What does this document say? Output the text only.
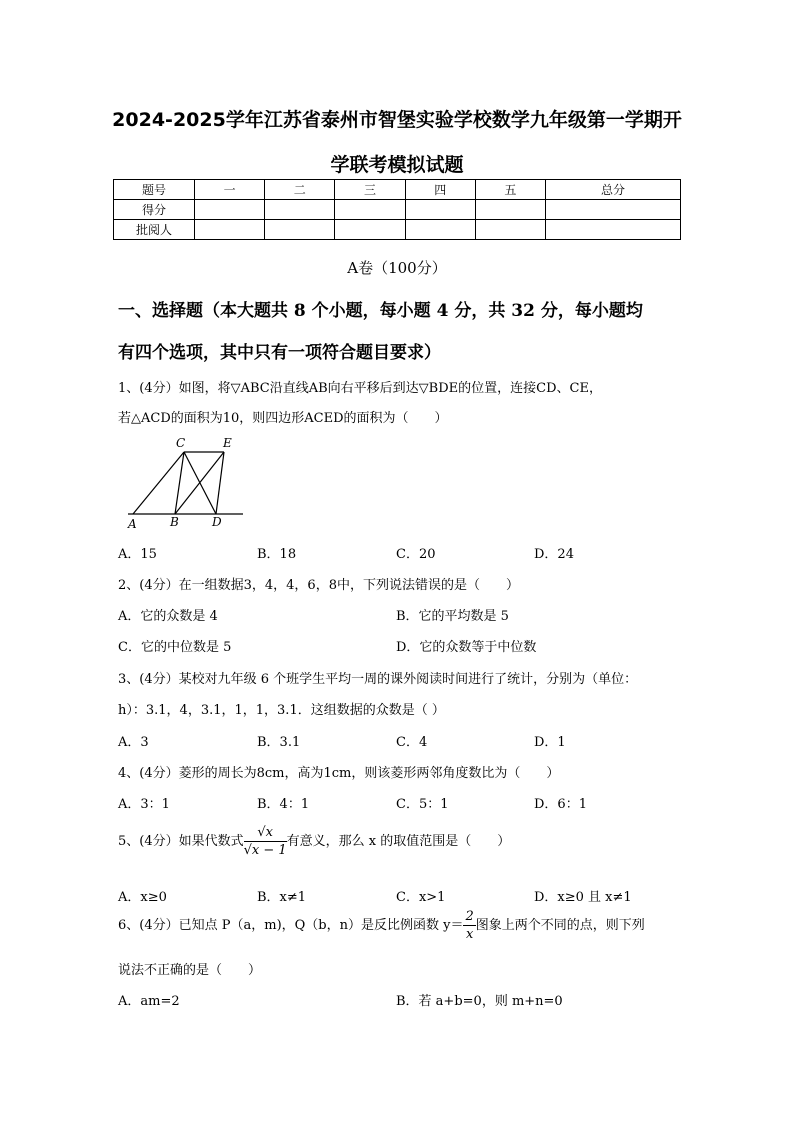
2024-2025学年江苏省泰州市智堡实验学校数学九年级第一学期开
学联考模拟试题
题号	一	二	三	四	五	总分
得分						
批阅人						
A卷（100分）
一、选择题（本大题共 8 个小题，每小题 4 分，共 32 分，每小题均
有四个选项，其中只有一项符合题目要求）
1、(4分）如图，将▽ABC沿直线AB向右平移后到达▽BDE的位置，连接CD、CE，
若△ACD的面积为10，则四边形ACED的面积为（　　）
A	B	D
C	E
A．15	B．18	C．20	D．24
2、(4分）在一组数据3，4，4，6，8中，下列说法错误的是（　　）
A．它的众数是 4	B．它的平均数是 5
C．它的中位数是 5	D．它的众数等于中位数
3、(4分）某校对九年级 6 个班学生平均一周的课外阅读时间进行了统计，分别为（单位：
h）：3.1，4，3.1，1，1，3.1．这组数据的众数是（ ）
A．3	B．3.1	C．4	D．1
4、(4分）菱形的周长为8cm，高为1cm，则该菱形两邻角度数比为（　　）
A．3：1	B．4：1	C．5：1	D．6：1
5、(4分）如果代数式 $\frac{√x}{√x - 1}$ 有意义，那么 x 的取值范围是（　　）
A．x≥0	B．x≠1	C．x>1	D．x≥0 且 x≠1
6、(4分）已知点 P（a，m)，Q（b，n）是反比例函数 $y= \frac{2}{x}$ 图象上两个不同的点，则下列
说法不正确的是（　　）
A．am=2	B．若 a+b=0，则 m+n=0
